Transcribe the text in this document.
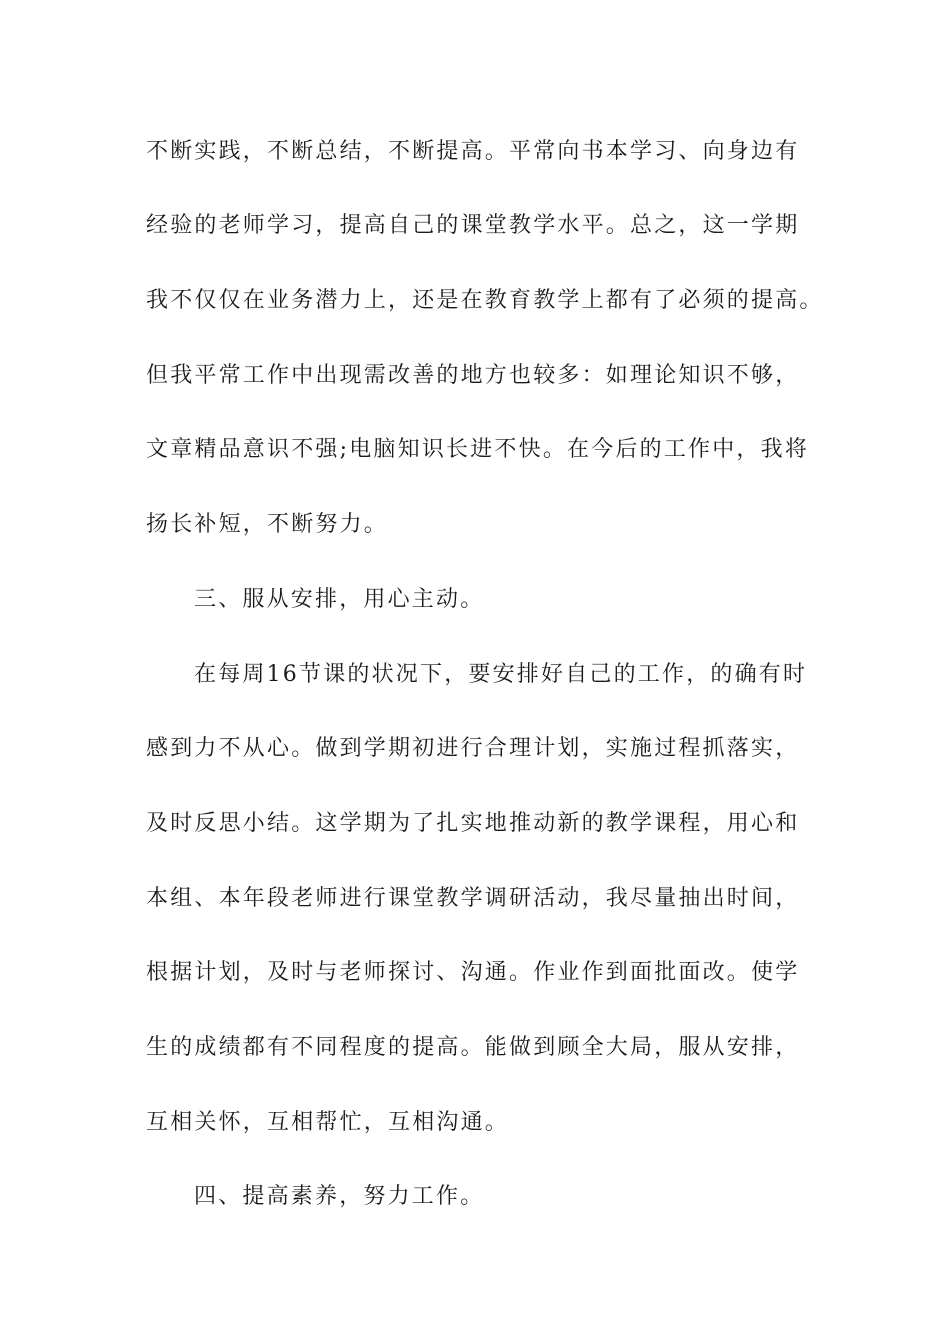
不断实践，不断总结，不断提高。平常向书本学习、向身边有
经验的老师学习，提高自己的课堂教学水平。总之，这一学期
我不仅仅在业务潜力上，还是在教育教学上都有了必须的提高。
但我平常工作中出现需改善的地方也较多：如理论知识不够，
文章精品意识不强;电脑知识长进不快。在今后的工作中，我将
扬长补短，不断努力。
三、服从安排，用心主动。
在每周16节课的状况下，要安排好自己的工作，的确有时
感到力不从心。做到学期初进行合理计划，实施过程抓落实，
及时反思小结。这学期为了扎实地推动新的教学课程，用心和
本组、本年段老师进行课堂教学调研活动，我尽量抽出时间，
根据计划，及时与老师探讨、沟通。作业作到面批面改。使学
生的成绩都有不同程度的提高。能做到顾全大局，服从安排，
互相关怀，互相帮忙，互相沟通。
四、提高素养，努力工作。
